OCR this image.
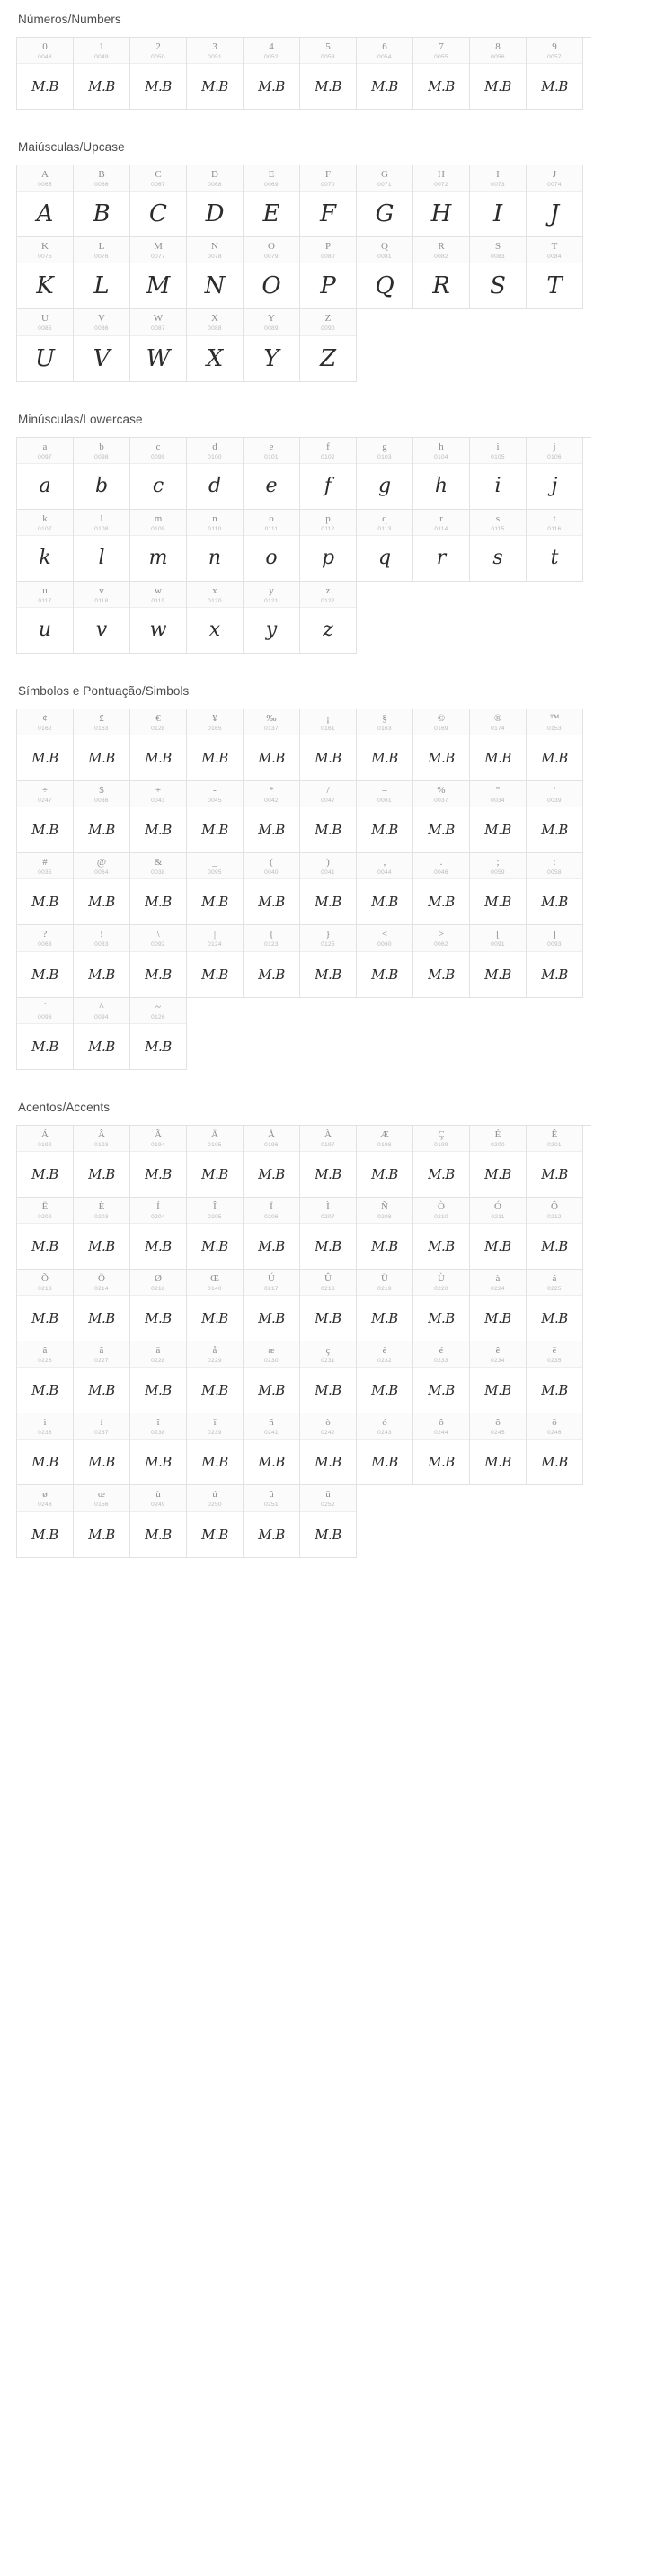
Números/Numbers
0
0048
M.B
1
0049
M.B
2
0050
M.B
3
0051
M.B
4
0052
M.B
5
0053
M.B
6
0054
M.B
7
0055
M.B
8
0056
M.B
9
0057
M.B
Maiúsculas/Upcase
A
0065
A
B
0066
B
C
0067
C
D
0068
D
E
0069
E
F
0070
F
G
0071
G
H
0072
H
I
0073
I
J
0074
J
K
0075
K
L
0076
L
M
0077
M
N
0078
N
O
0079
O
P
0080
P
Q
0081
Q
R
0082
R
S
0083
S
T
0084
T
U
0085
U
V
0086
V
W
0087
W
X
0088
X
Y
0089
Y
Z
0090
Z
Minúsculas/Lowercase
a
0097
a
b
0098
b
c
0099
c
d
0100
d
e
0101
e
f
0102
f
g
0103
g
h
0104
h
i
0105
i
j
0106
j
k
0107
k
l
0108
l
m
0109
m
n
0110
n
o
0111
o
p
0112
p
q
0113
q
r
0114
r
s
0115
s
t
0116
t
u
0117
u
v
0118
v
w
0119
w
x
0120
x
y
0121
y
z
0122
z
Símbolos e Pontuação/Simbols
¢
0162
M.B
£
0163
M.B
€
0128
M.B
¥
0165
M.B
‰
0137
M.B
¡
0161
M.B
§
0163
M.B
©
0169
M.B
®
0174
M.B	™
0153
M.B
÷
0247
M.B
$
0036
M.B
+
0043
M.B
-
0045
M.B
*
0042
M.B	/
0047
M.B	=
0061
M.B
%
0037
M.B
"
0034
M.B
'
0039
M.B
#
0035
M.B
@
0064
M.B
&
0038
M.B
_
0095
M.B
(
0040
M.B
)
0041
M.B
,
0044
M.B
.
0046
M.B
;
0059
M.B
:
0058
M.B
?
0063
M.B
!
0033
M.B
\
0092
M.B
|
0124
M.B
{
0123
M.B
}
0125
M.B
<
0060
M.B
>
0062
M.B
[
0091
M.B
]
0093
M.B
`
0096
M.B
^
0094
M.B
~
0126
M.B
Acentos/Accents
Á
0192
M.B
Â
0193
M.B
Ã
0194
M.B
Ä
0195
M.B
Å
0196
M.B
À
0197
M.B
Æ
0198
M.B
Ç
0199
M.B
É
0200
M.B
Ê
0201
M.B
Ë
0202
M.B
È
0203
M.B
Í
0204
M.B
Î
0205
M.B
Ï
0206
M.B
Ì
0207
M.B
Ñ
0208
M.B
Ò
0210
M.B
Ó
0211
M.B
Ô
0212
M.B
Õ
0213
M.B
Ö
0214
M.B
Ø
0216
M.B
Œ
0140
M.B
Ú
0217
M.B
Û
0218
M.B
Ü
0219
M.B
Ù
0220
M.B
à
0224
M.B
á
0225
M.B
â
0226
M.B
ã
0227
M.B
ä
0228
M.B
å
0229
M.B
æ
0230
M.B
ç
0231
M.B
è
0232
M.B
é
0233
M.B
ê
0234
M.B
ë
0235
M.B
ì
0236
M.B
í
0237
M.B
î
0238
M.B
ï
0239
M.B
ñ
0241
M.B
ò
0242
M.B
ó
0243
M.B
ô
0244
M.B
õ
0245
M.B
ö
0246
M.B
ø
0248
M.B
œ
0156
M.B
ù
0249
M.B
ú
0250
M.B
û
0251
M.B
ü
0252
M.B
